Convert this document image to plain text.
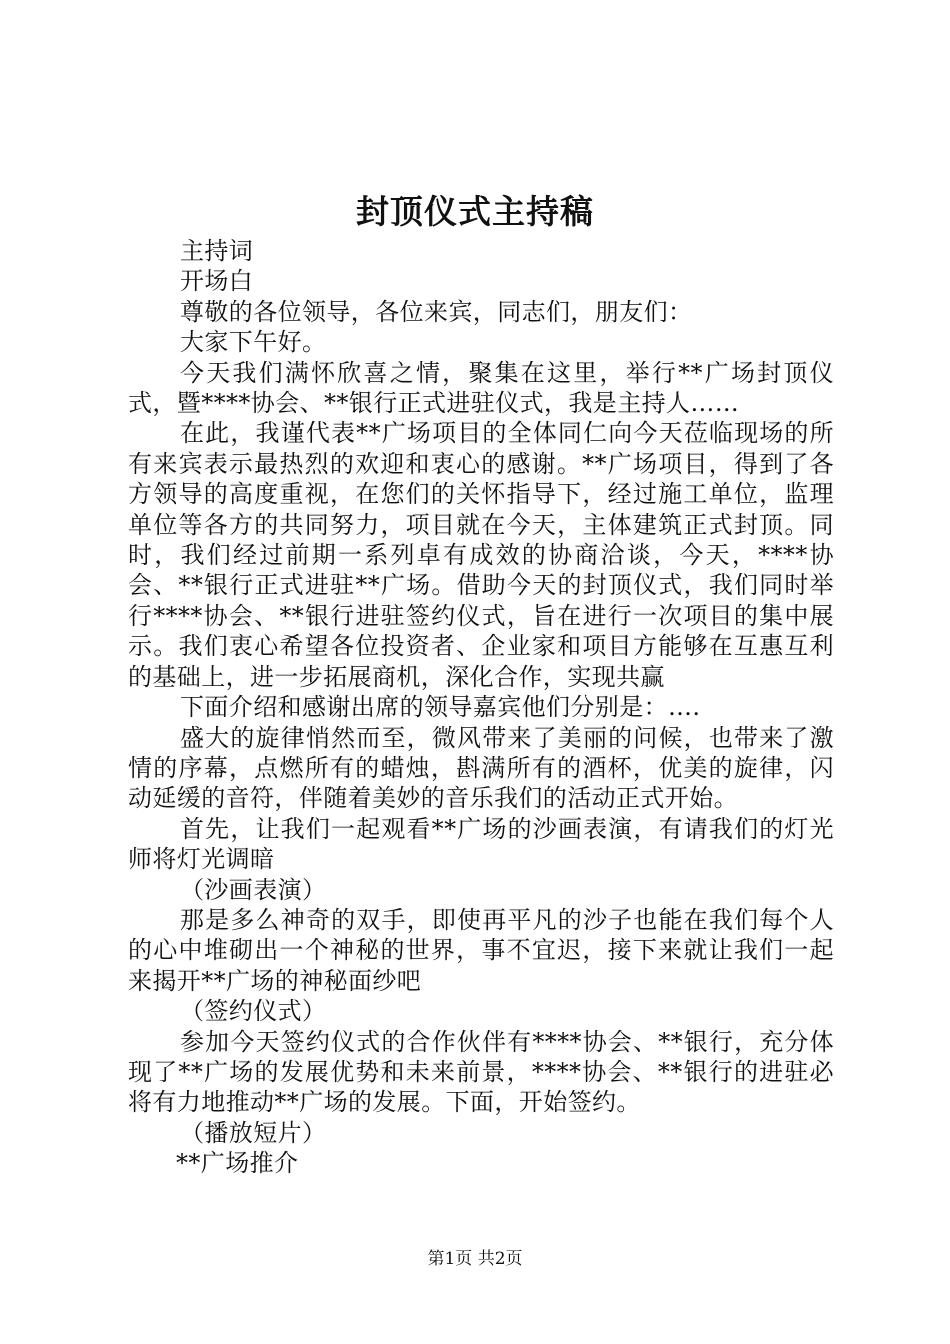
封顶仪式主持稿

主持词

开场白

尊敬的各位领导，各位来宾，同志们，朋友们：

大家下午好。

今天我们满怀欣喜之情，聚集在这里，举行**广场封顶仪式，暨****协会、**银行正式进驻仪式，我是主持人……

在此，我谨代表**广场项目的全体同仁向今天莅临现场的所有来宾表示最热烈的欢迎和衷心的感谢。**广场项目，得到了各方领导的高度重视，在您们的关怀指导下，经过施工单位，监理单位等各方的共同努力，项目就在今天，主体建筑正式封顶。同时，我们经过前期一系列卓有成效的协商洽谈，今天，****协会、**银行正式进驻**广场。借助今天的封顶仪式，我们同时举行****协会、**银行进驻签约仪式，旨在进行一次项目的集中展示。我们衷心希望各位投资者、企业家和项目方能够在互惠互利的基础上，进一步拓展商机，深化合作，实现共赢

下面介绍和感谢出席的领导嘉宾他们分别是：….

盛大的旋律悄然而至，微风带来了美丽的问候，也带来了激情的序幕，点燃所有的蜡烛，斟满所有的酒杯，优美的旋律，闪动延缓的音符，伴随着美妙的音乐我们的活动正式开始。

首先，让我们一起观看**广场的沙画表演，有请我们的灯光师将灯光调暗

（沙画表演）

那是多么神奇的双手，即使再平凡的沙子也能在我们每个人的心中堆砌出一个神秘的世界，事不宜迟，接下来就让我们一起来揭开**广场的神秘面纱吧

（签约仪式）

参加今天签约仪式的合作伙伴有****协会、**银行，充分体现了**广场的发展优势和未来前景，****协会、**银行的进驻必将有力地推动**广场的发展。下面，开始签约。

（播放短片）

**广场推介

第1页 共2页
